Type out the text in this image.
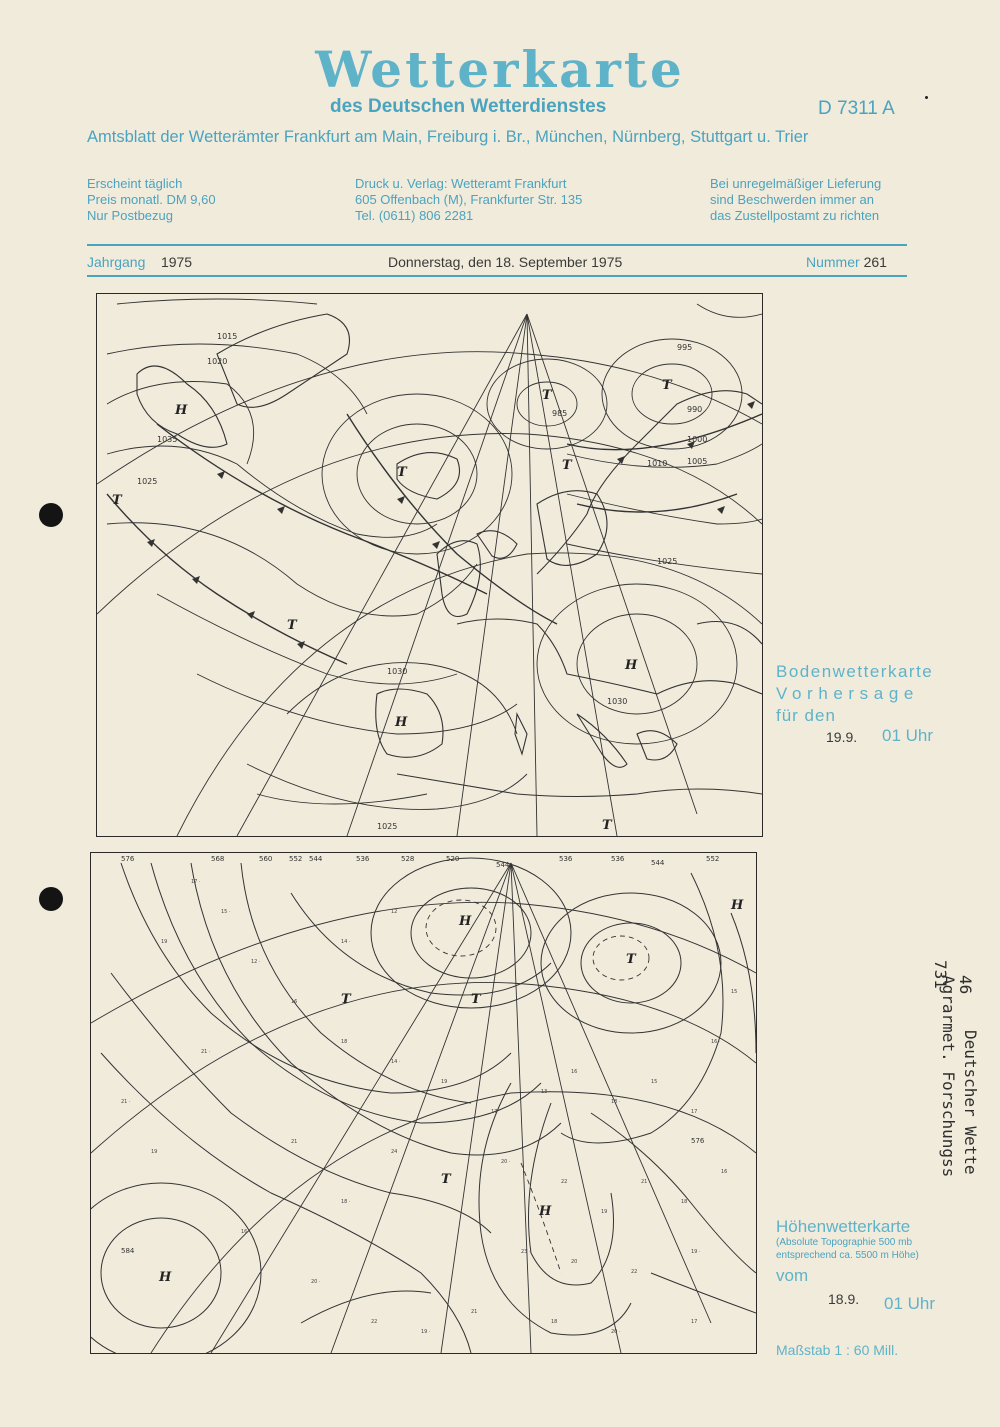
Wetterkarte
des Deutschen Wetterdienstes	D 7311 A
Amtsblatt der Wetterämter Frankfurt am Main, Freiburg i. Br., München, Nürnberg, Stuttgart u. Trier
Erscheint täglich
Preis monatl. DM 9,60
Nur Postbezug
Druck u. Verlag: Wetteramt Frankfurt
605 Offenbach (M), Frankfurter Str. 135
Tel. (0611) 806 2281
Bei unregelmäßiger Lieferung
sind Beschwerden immer an
das Zustellpostamt zu richten
Jahrgang 1975	Donnerstag, den 18. September 1975	Nummer 261
1015
1020
1025
1010 1005
1000
995
990
985
1030
1035
1025
1030
1025
H
H
H
T
T
T
T
T
T
T
Bodenwetterkarte
Vorhersage
für den
19.9. 01 Uhr
17 ·
15 ·
19
12 ·
16
21 ·
18
14 ·
19
17
13 ·
16
18 ·
15
17
20 ·
22
19
21 ·
18
16
23 ·
20
22
19 ·
24
18 ·
21
16
20 ·
22
19 ·
21
18
20 ·
17
15
16 ·
12
14 ·
19
21 ·
576	568	560 552 544	536	528	520
544
536	536	544	552
584
576
H
H
H
H
T
T
T
T
Höhenwetterkarte
(Absolute Topographie 500 mb
entsprechend ca. 5500 m Höhe)
vom
18.9. 01 Uhr
Maßstab 1 : 60 Mill.
46
Deutscher Wette
731
Agrarmet. Forschungss
